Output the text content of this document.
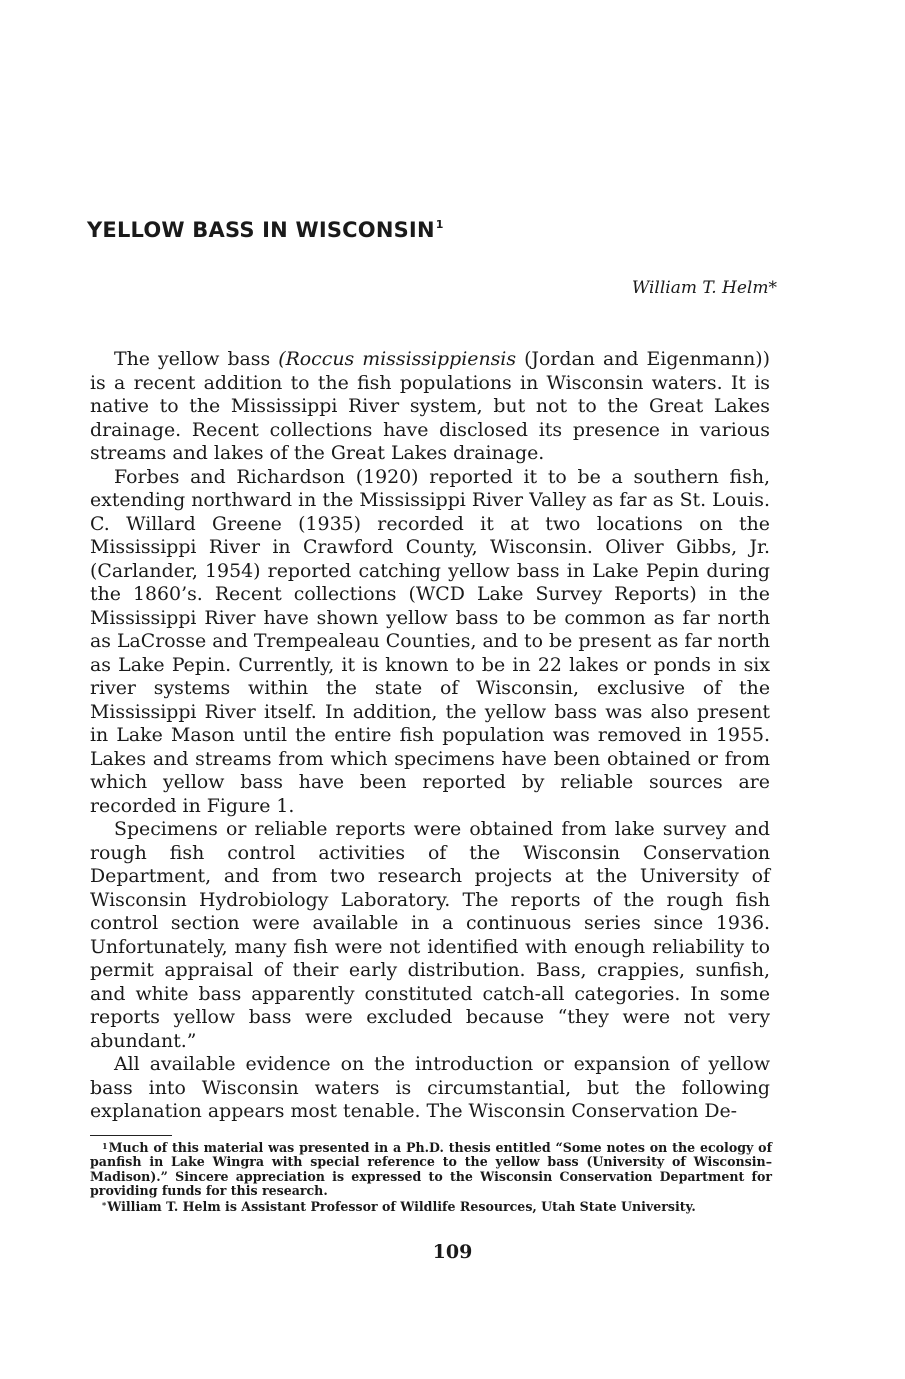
YELLOW BASS IN WISCONSIN$^1$
William T. Helm*

The yellow bass (Roccus mississippiensis (Jordan and Eigenmann)) is a recent addition to the fish populations in Wisconsin waters. It is native to the Mississippi River system, but not to the Great Lakes drainage. Recent collections have disclosed its presence in various streams and lakes of the Great Lakes drainage.

Forbes and Richardson (1920) reported it to be a southern fish, extending northward in the Mississippi River Valley as far as St. Louis. C. Willard Greene (1935) recorded it at two locations on the Mississippi River in Crawford County, Wisconsin. Oliver Gibbs, Jr. (Carlander, 1954) reported catching yellow bass in Lake Pepin during the 1860’s. Recent collections (WCD Lake Survey Reports) in the Mississippi River have shown yellow bass to be common as far north as LaCrosse and Trempealeau Counties, and to be present as far north as Lake Pepin. Currently, it is known to be in 22 lakes or ponds in six river systems within the state of Wisconsin, exclusive of the Mississippi River itself. In addition, the yellow bass was also present in Lake Mason until the entire fish population was removed in 1955. Lakes and streams from which specimens have been obtained or from which yellow bass have been reported by reliable sources are recorded in Figure 1.

Specimens or reliable reports were obtained from lake survey and rough fish control activities of the Wisconsin Conservation Department, and from two research projects at the University of Wisconsin Hydrobiology Laboratory. The reports of the rough fish control section were available in a continuous series since 1936. Unfortunately, many fish were not identified with enough reliability to permit appraisal of their early distribution. Bass, crappies, sunfish, and white bass apparently constituted catch-all categories. In some reports yellow bass were excluded because “they were not very abundant.”

All available evidence on the introduction or expansion of yellow bass into Wisconsin waters is circumstantial, but the following explanation appears most tenable. The Wisconsin Conservation De-

$^1$Much of this material was presented in a Ph.D. thesis entitled “Some notes on the ecology of panfish in Lake Wingra with special reference to the yellow bass (University of Wisconsin–Madison).” Sincere appreciation is expressed to the Wisconsin Conservation Department for providing funds for this research.

*William T. Helm is Assistant Professor of Wildlife Resources, Utah State University.

109
